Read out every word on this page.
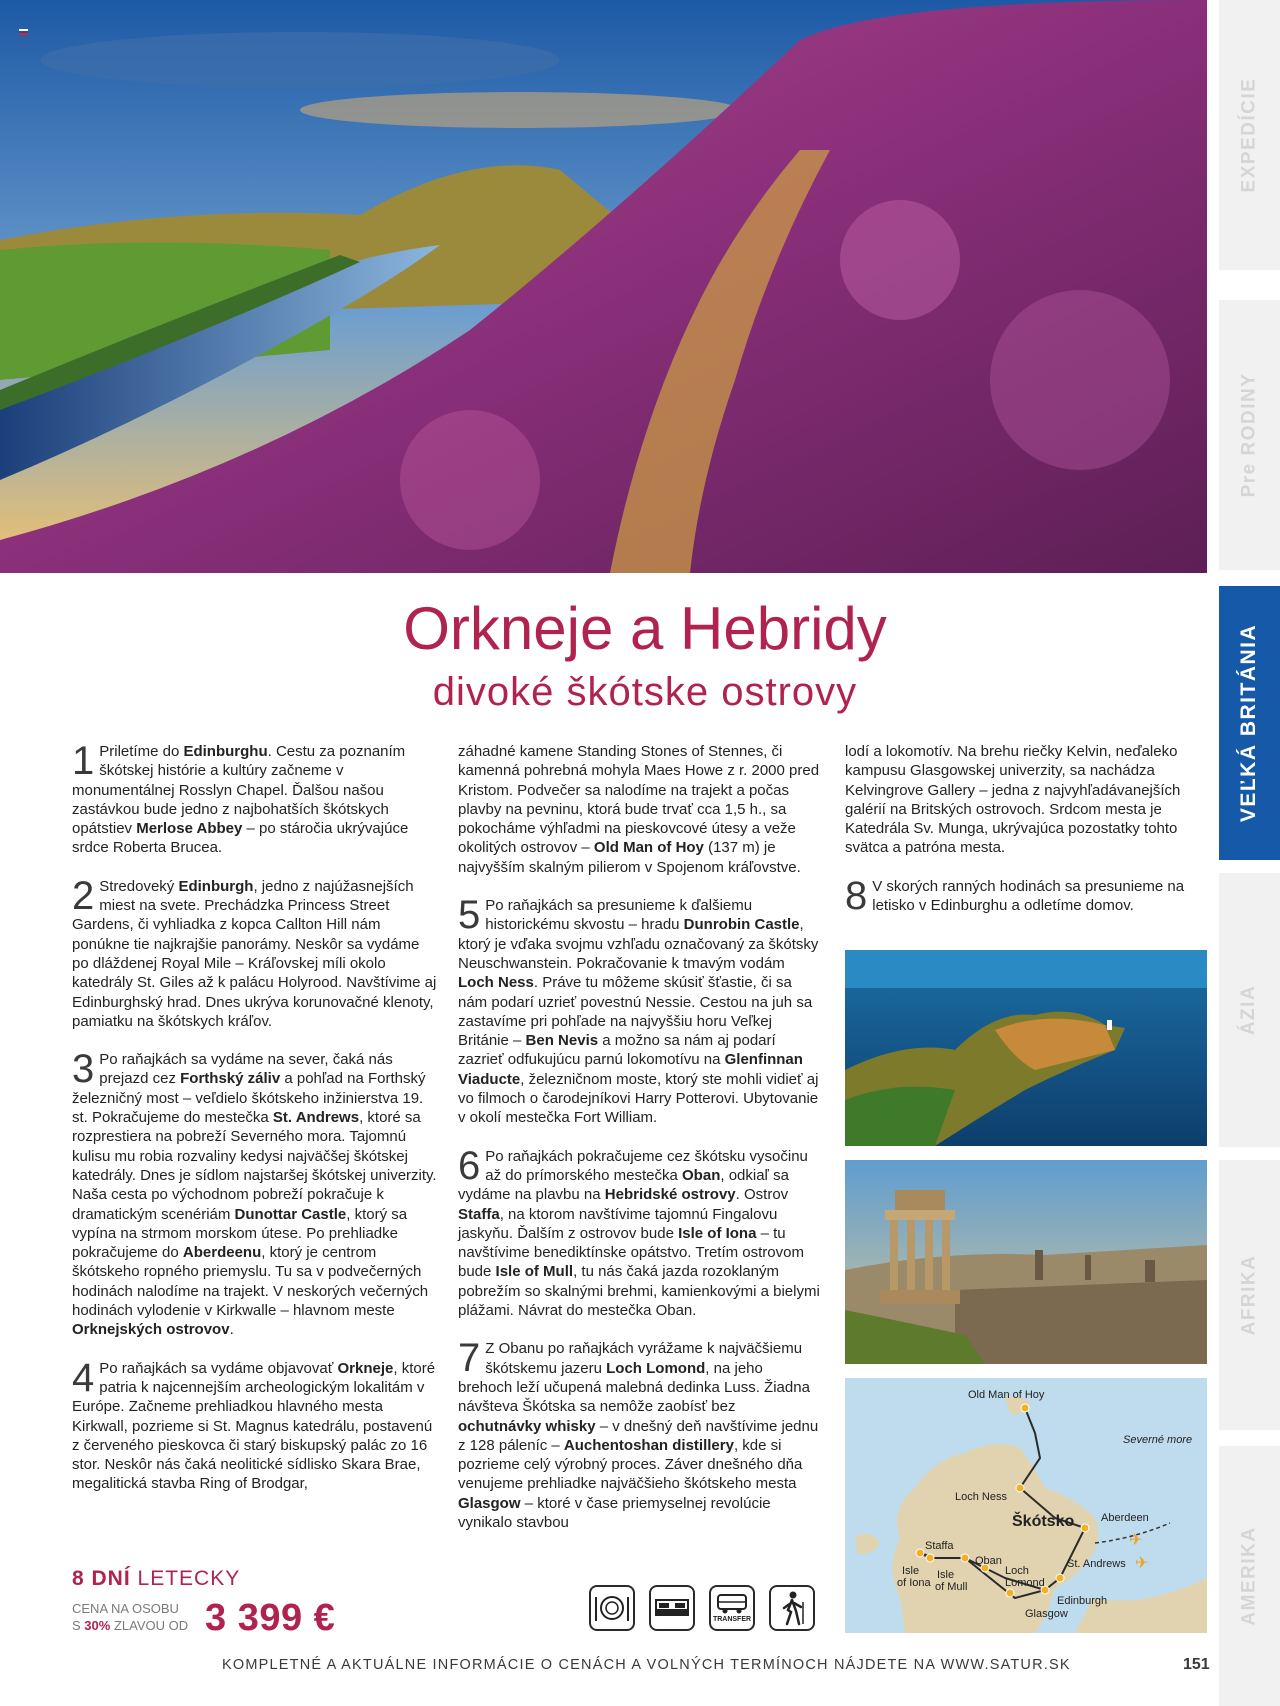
EXPEDÍCIE
Pre RODINY
VEĽKÁ BRITÁNIA
ÁZIA
AFRIKA
AMERIKA
Orkneje a Hebridy
divoké škótske ostrovy
1 Priletíme do Edinburghu. Cestu za poznaním škótskej histórie a kultúry začneme v monumentálnej Rosslyn Chapel. Ďalšou našou zastávkou bude jedno z najbohatších škótskych opátstiev Merlose Abbey – po stáročia ukrývajúce srdce Roberta Brucea.
2 Stredoveký Edinburgh, jedno z najúžasnejších miest na svete. Prechádzka Princess Street Gardens, či vyhliadka z kopca Callton Hill nám ponúkne tie najkrajšie panorámy. Neskôr sa vydáme po dláždenej Royal Mile – Kráľovskej míli okolo katedrály St. Giles až k palácu Holyrood. Navštívime aj Edinburghský hrad. Dnes ukrýva korunovačné klenoty, pamiatku na škótskych kráľov.
3 Po raňajkách sa vydáme na sever, čaká nás prejazd cez Forthský záliv a pohľad na Forthský železničný most – veľdielo škótskeho inžinierstva 19. st. Pokračujeme do mestečka St. Andrews, ktoré sa rozprestiera na pobreží Severného mora. Tajomnú kulisu mu robia rozvaliny kedysi najväčšej škótskej katedrály. Dnes je sídlom najstaršej škótskej univerzity. Naša cesta po východnom pobreží pokračuje k dramatickým scenériám Dunottar Castle, ktorý sa vypína na strmom morskom útese. Po prehliadke pokračujeme do Aberdeenu, ktorý je centrom škótskeho ropného priemyslu. Tu sa v podvečerných hodinách nalodíme na trajekt. V neskorých večerných hodinách vylodenie v Kirkwalle – hlavnom meste Orknejských ostrovov.
4 Po raňajkách sa vydáme objavovať Orkneje, ktoré patria k najcennejším archeologickým lokalitám v Európe. Začneme prehliadkou hlavného mesta Kirkwall, pozrieme si St. Magnus katedrálu, postavenú z červeného pieskovca či starý biskupský palác zo 16 stor. Neskôr nás čaká neolitické sídlisko Skara Brae, megalitická stavba Ring of Brodgar,
záhadné kamene Standing Stones of Stennes, či kamenná pohrebná mohyla Maes Howe z r. 2000 pred Kristom. Podvečer sa nalodíme na trajekt a počas plavby na pevninu, ktorá bude trvať cca 1,5 h., sa pokocháme výhľadmi na pieskovcové útesy a veže okolitých ostrovov – Old Man of Hoy (137 m) je najvyšším skalným pilierom v Spojenom kráľovstve.
5 Po raňajkách sa presunieme k ďalšiemu historickému skvostu – hradu Dunrobin Castle, ktorý je vďaka svojmu vzhľadu označovaný za škótsky Neuschwanstein. Pokračovanie k tmavým vodám Loch Ness. Práve tu môžeme skúsiť šťastie, či sa nám podarí uzrieť povestnú Nessie. Cestou na juh sa zastavíme pri pohľade na najvyššiu horu Veľkej Británie – Ben Nevis a možno sa nám aj podarí zazrieť odfukujúcu parnú lokomotívu na Glenfinnan Viaducte, železničnom moste, ktorý ste mohli vidieť aj vo filmoch o čarodejníkovi Harry Potterovi. Ubytovanie v okolí mestečka Fort William.
6 Po raňajkách pokračujeme cez škótsku vysočinu až do prímorského mestečka Oban, odkiaľ sa vydáme na plavbu na Hebridské ostrovy. Ostrov Staffa, na ktorom navštívime tajomnú Fingalovu jaskyňu. Ďalším z ostrovov bude Isle of Iona – tu navštívime benediktínske opátstvo. Tretím ostrovom bude Isle of Mull, tu nás čaká jazda rozoklaným pobrežím so skalnými brehmi, kamienkovými a bielymi plážami. Návrat do mestečka Oban.
7 Z Obanu po raňajkách vyrážame k najväčšiemu škótskemu jazeru Loch Lomond, na jeho brehoch leží učupená malebná dedinka Luss. Žiadna návšteva Škótska sa nemôže zaobísť bez ochutnávky whisky – v dnešný deň navštívime jednu z 128 páleníc – Auchentoshan distillery, kde si pozrieme celý výrobný proces. Záver dnešného dňa venujeme prehliadke najväčšieho škótskeho mesta Glasgow – ktoré v čase priemyselnej revolúcie vynikalo stavbou
lodí a lokomotív. Na brehu riečky Kelvin, neďaleko kampusu Glasgowskej univerzity, sa nachádza Kelvingrove Gallery – jedna z najvyhľadávanejších galérií na Britských ostrovoch. Srdcom mesta je Katedrála Sv. Munga, ukrývajúca pozostatky tohto svätca a patróna mesta.
8 V skorých ranných hodinách sa presunieme na letisko v Edinburghu a odletíme domov.
✈
✈
Old Man of Hoy
Severné more
Loch Ness
Škótsko Aberdeen
St. Andrews
Staffa
Isle
of Iona
Isle
of Mull
Oban
Loch
Lomond
Edinburgh
Glasgow
8 DNÍ LETECKY
CENA NA OSOBU
S 30% ZLAVOU OD 3 399 €	TRANSFER
KOMPLETNÉ A AKTUÁLNE INFORMÁCIE O CENÁCH A VOLNÝCH TERMÍNOCH NÁJDETE NA WWW.SATUR.SK	151
